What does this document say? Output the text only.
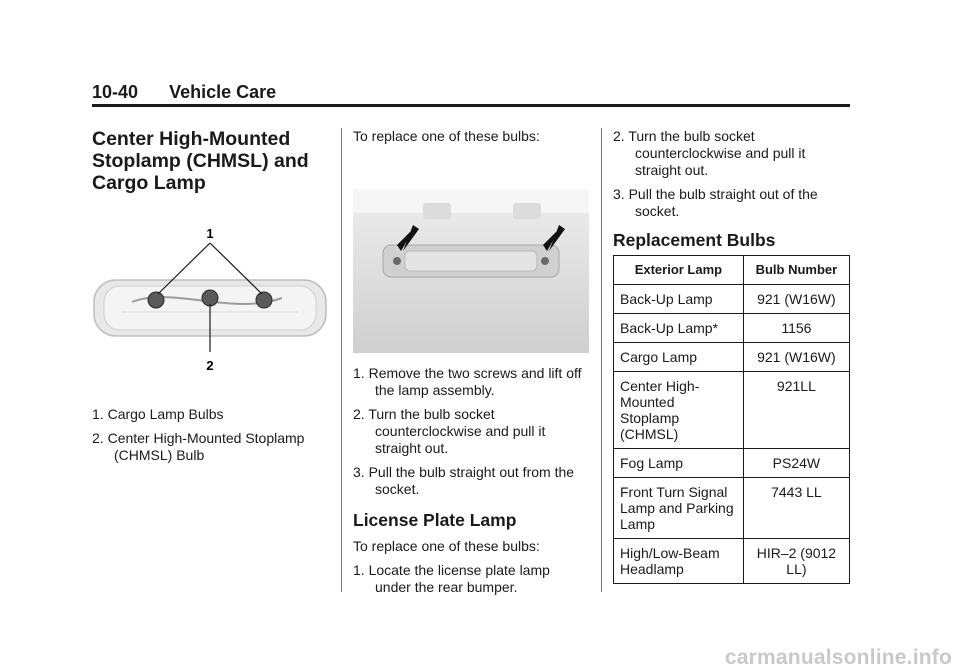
10-40 Vehicle Care
Center High-Mounted Stoplamp (CHMSL) and Cargo Lamp
1
2
1. Cargo Lamp Bulbs
2. Center High-Mounted Stoplamp (CHMSL) Bulb

To replace one of these bulbs:

1. Remove the two screws and lift off the lamp assembly.
2. Turn the bulb socket counterclockwise and pull it straight out.
3. Pull the bulb straight out from the socket.
License Plate Lamp

To replace one of these bulbs:

1. Locate the license plate lamp under the rear bumper.
2. Turn the bulb socket counterclockwise and pull it straight out.
3. Pull the bulb straight out of the socket.
Replacement Bulbs
Exterior Lamp	Bulb Number
Back-Up Lamp	921 (W16W)
Back-Up Lamp*	1156
Cargo Lamp	921 (W16W)
Center High-Mounted Stoplamp (CHMSL)	921LL
Fog Lamp	PS24W
Front Turn Signal Lamp and Parking Lamp	7443 LL
High/Low-Beam Headlamp	HIR–2 (9012 LL)
carmanualsonline.info
